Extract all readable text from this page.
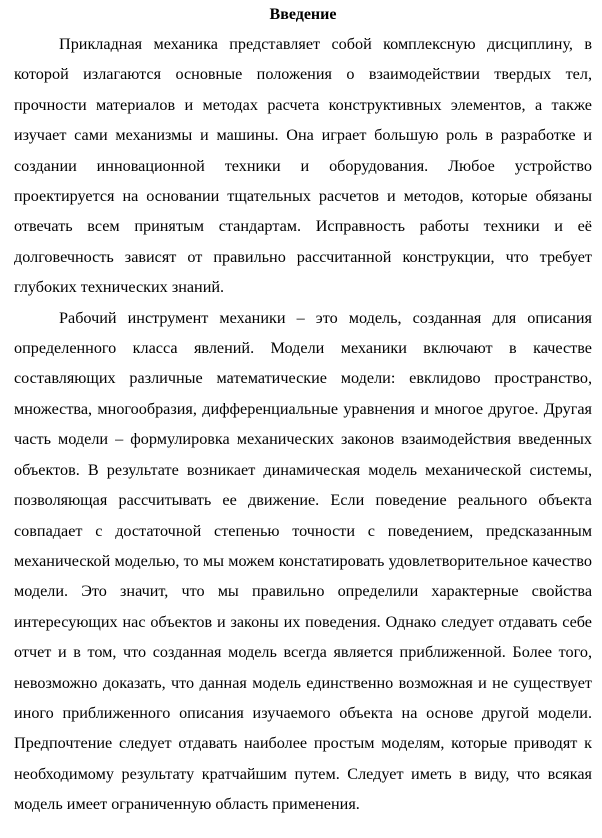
Введение

Прикладная механика представляет собой комплексную дисциплину, в которой излагаются основные положения о взаимодействии твердых тел, прочности материалов и методах расчета конструктивных элементов, а также изучает сами механизмы и машины. Она играет большую роль в разработке и создании инновационной техники и оборудования. Любое устройство проектируется на основании тщательных расчетов и методов, которые обязаны отвечать всем принятым стандартам. Исправность работы техники и её долговечность зависят от правильно рассчитанной конструкции, что требует глубоких технических знаний.

Рабочий инструмент механики – это модель, созданная для описания определенного класса явлений. Модели механики включают в качестве составляющих различные математические модели: евклидово пространство, множества, многообразия, дифференциальные уравнения и многое другое. Другая часть модели – формулировка механических законов взаимодействия введенных объектов. В результате возникает динамическая модель механической системы, позволяющая рассчитывать ее движение. Если поведение реального объекта совпадает с достаточной степенью точности с поведением, предсказанным механической моделью, то мы можем констатировать удовлетворительное качество модели. Это значит, что мы правильно определили характерные свойства интересующих нас объектов и законы их поведения. Однако следует отдавать себе отчет и в том, что созданная модель всегда является приближенной. Более того, невозможно доказать, что данная модель единственно возможная и не существует иного приближенного описания изучаемого объекта на основе другой модели. Предпочтение следует отдавать наиболее простым моделям, которые приводят к необходимому результату кратчайшим путем. Следует иметь в виду, что всякая модель имеет ограниченную область применения.
